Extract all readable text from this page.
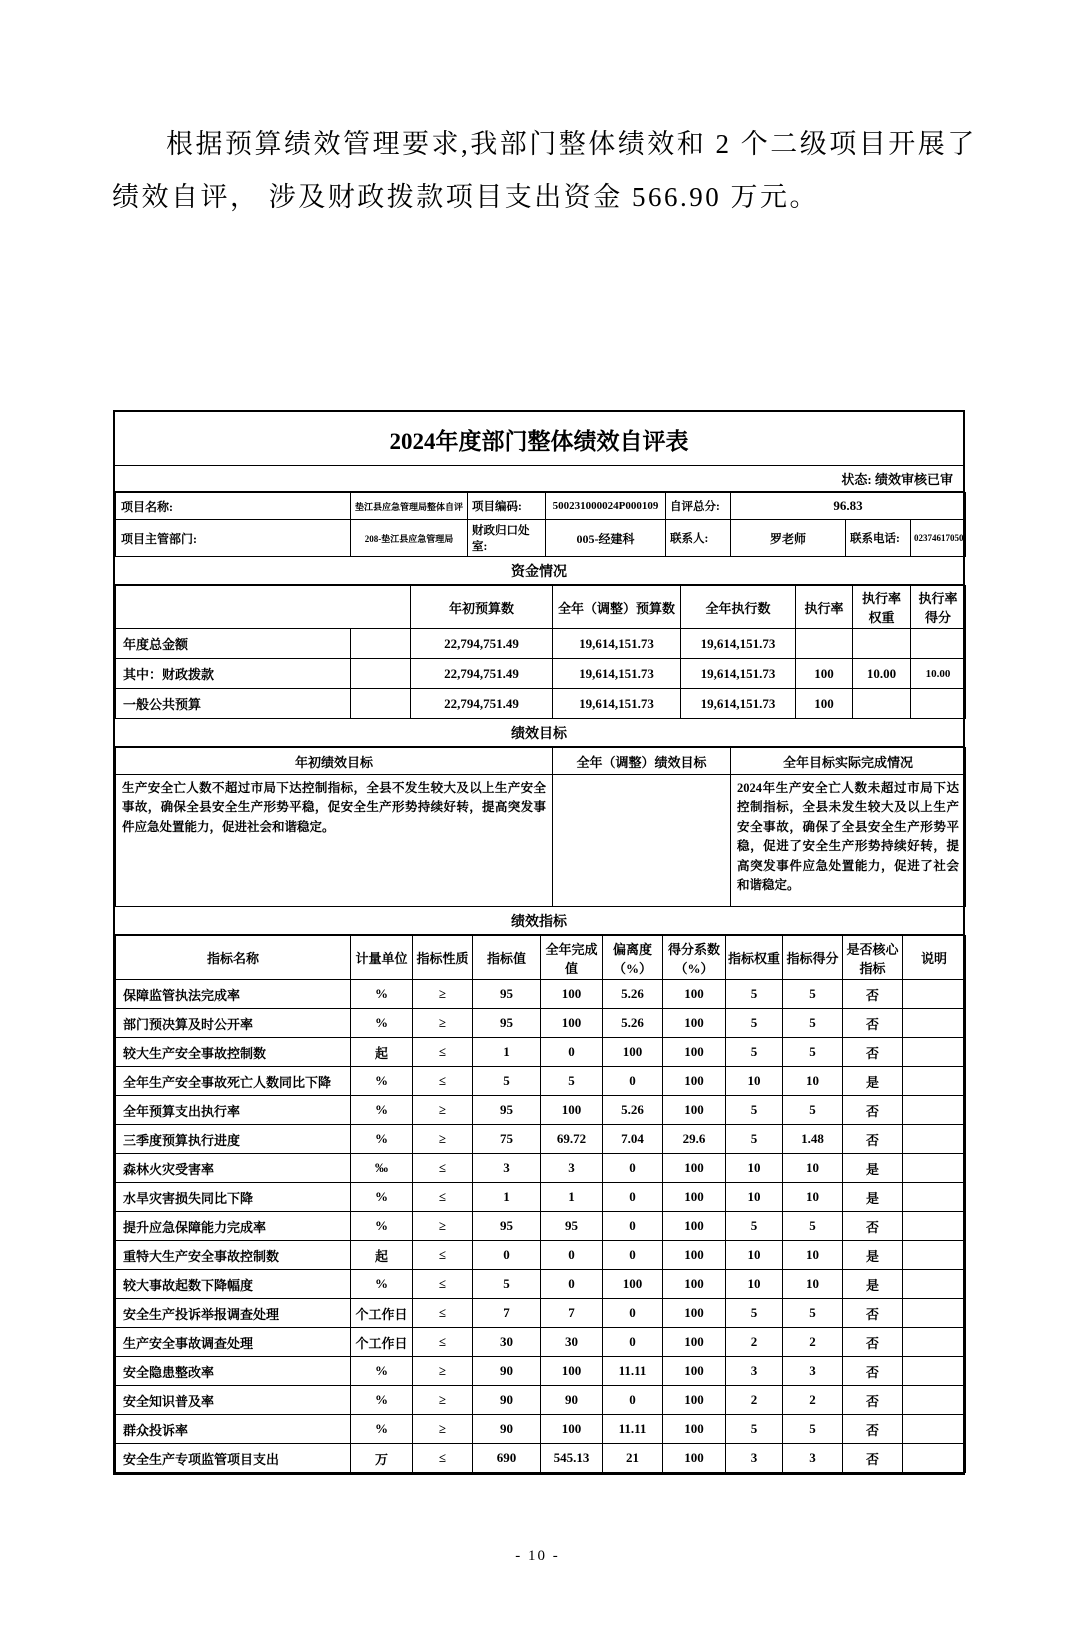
根据预算绩效管理要求,我部门整体绩效和 2 个二级项目开展了
绩效自评， 涉及财政拨款项目支出资金 566.90 万元。
2024年度部门整体绩效自评表
状态: 绩效审核已审
项目名称:	垫江县应急管理局整体自评	项目编码:	500231000024P000109	自评总分:	96.83		
项目主管部门:	208-垫江县应急管理局	财政归口处室:	005-经建科	联系人:	罗老师	联系电话:	02374617050
资金情况
		年初预算数	全年（调整）预算数	全年执行数	执行率	执行率权重	执行率得分
年度总金额		22,794,751.49	19,614,151.73	19,614,151.73			
其中：财政拨款		22,794,751.49	19,614,151.73	19,614,151.73	100	10.00	10.00
一般公共预算		22,794,751.49	19,614,151.73	19,614,151.73	100		
绩效目标
年初绩效目标	全年（调整）绩效目标	全年目标实际完成情况
生产安全亡人数不超过市局下达控制指标，全县不发生较大及以上生产安全事故，确保全县安全生产形势平稳，促安全生产形势持续好转，提高突发事件应急处置能力，促进社会和谐稳定。		2024年生产安全亡人数未超过市局下达控制指标，全县未发生较大及以上生产安全事故，确保了全县安全生产形势平稳，促进了安全生产形势持续好转，提高突发事件应急处置能力，促进了社会和谐稳定。
绩效指标
指标名称	计量单位	指标性质	指标值	全年完成值	偏离度（%）	得分系数（%）	指标权重	指标得分	是否核心指标	说明
保障监管执法完成率	%	≥	95	100	5.26	100	5	5	否	
部门预决算及时公开率	%	≥	95	100	5.26	100	5	5	否	
较大生产安全事故控制数	起	≤	1	0	100	100	5	5	否	
全年生产安全事故死亡人数同比下降	%	≤	5	5	0	100	10	10	是	
全年预算支出执行率	%	≥	95	100	5.26	100	5	5	否	
三季度预算执行进度	%	≥	75	69.72	7.04	29.6	5	1.48	否	
森林火灾受害率	‰	≤	3	3	0	100	10	10	是	
水旱灾害损失同比下降	%	≤	1	1	0	100	10	10	是	
提升应急保障能力完成率	%	≥	95	95	0	100	5	5	否	
重特大生产安全事故控制数	起	≤	0	0	0	100	10	10	是	
较大事故起数下降幅度	%	≤	5	0	100	100	10	10	是	
安全生产投诉举报调查处理	个工作日	≤	7	7	0	100	5	5	否	
生产安全事故调查处理	个工作日	≤	30	30	0	100	2	2	否	
安全隐患整改率	%	≥	90	100	11.11	100	3	3	否	
安全知识普及率	%	≥	90	90	0	100	2	2	否	
群众投诉率	%	≥	90	100	11.11	100	5	5	否	
安全生产专项监管项目支出	万	≤	690	545.13	21	100	3	3	否	
- 10 -
